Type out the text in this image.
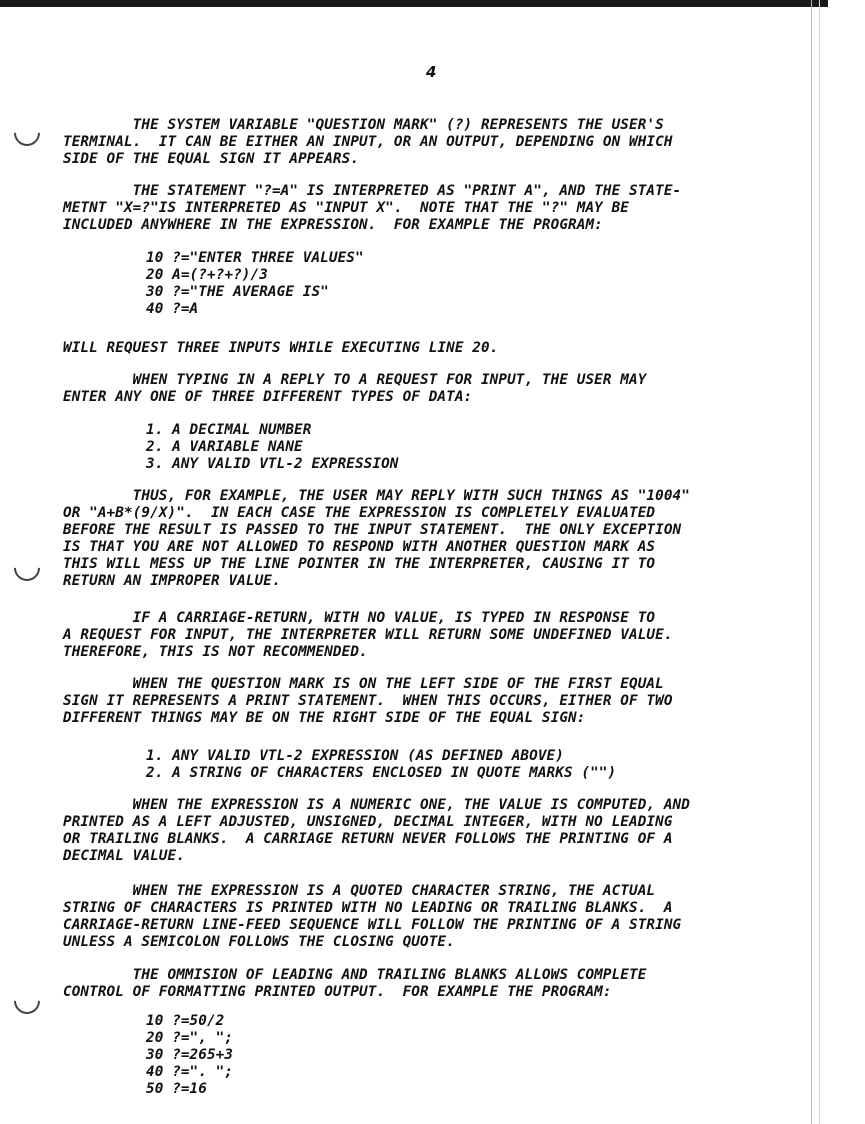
4
THE SYSTEM VARIABLE "QUESTION MARK" (?) REPRESENTS THE USER'S
TERMINAL.  IT CAN BE EITHER AN INPUT, OR AN OUTPUT, DEPENDING ON WHICH
SIDE OF THE EQUAL SIGN IT APPEARS.
THE STATEMENT "?=A" IS INTERPRETED AS "PRINT A", AND THE STATE-
METNT "X=?"IS INTERPRETED AS "INPUT X".  NOTE THAT THE "?" MAY BE
INCLUDED ANYWHERE IN THE EXPRESSION.  FOR EXAMPLE THE PROGRAM:
10 ?="ENTER THREE VALUES"
20 A=(?+?+?)/3
30 ?="THE AVERAGE IS"
40 ?=A
WILL REQUEST THREE INPUTS WHILE EXECUTING LINE 20.
WHEN TYPING IN A REPLY TO A REQUEST FOR INPUT, THE USER MAY
ENTER ANY ONE OF THREE DIFFERENT TYPES OF DATA:
1. A DECIMAL NUMBER
2. A VARIABLE NANE
3. ANY VALID VTL-2 EXPRESSION
THUS, FOR EXAMPLE, THE USER MAY REPLY WITH SUCH THINGS AS "1004"
OR "A+B*(9/X)".  IN EACH CASE THE EXPRESSION IS COMPLETELY EVALUATED
BEFORE THE RESULT IS PASSED TO THE INPUT STATEMENT.  THE ONLY EXCEPTION
IS THAT YOU ARE NOT ALLOWED TO RESPOND WITH ANOTHER QUESTION MARK AS
THIS WILL MESS UP THE LINE POINTER IN THE INTERPRETER, CAUSING IT TO
RETURN AN IMPROPER VALUE.
IF A CARRIAGE-RETURN, WITH NO VALUE, IS TYPED IN RESPONSE TO
A REQUEST FOR INPUT, THE INTERPRETER WILL RETURN SOME UNDEFINED VALUE.
THEREFORE, THIS IS NOT RECOMMENDED.
WHEN THE QUESTION MARK IS ON THE LEFT SIDE OF THE FIRST EQUAL
SIGN IT REPRESENTS A PRINT STATEMENT.  WHEN THIS OCCURS, EITHER OF TWO
DIFFERENT THINGS MAY BE ON THE RIGHT SIDE OF THE EQUAL SIGN:
1. ANY VALID VTL-2 EXPRESSION (AS DEFINED ABOVE)
2. A STRING OF CHARACTERS ENCLOSED IN QUOTE MARKS ("")
WHEN THE EXPRESSION IS A NUMERIC ONE, THE VALUE IS COMPUTED, AND
PRINTED AS A LEFT ADJUSTED, UNSIGNED, DECIMAL INTEGER, WITH NO LEADING
OR TRAILING BLANKS.  A CARRIAGE RETURN NEVER FOLLOWS THE PRINTING OF A
DECIMAL VALUE.
WHEN THE EXPRESSION IS A QUOTED CHARACTER STRING, THE ACTUAL
STRING OF CHARACTERS IS PRINTED WITH NO LEADING OR TRAILING BLANKS.  A
CARRIAGE-RETURN LINE-FEED SEQUENCE WILL FOLLOW THE PRINTING OF A STRING
UNLESS A SEMICOLON FOLLOWS THE CLOSING QUOTE.
THE OMMISION OF LEADING AND TRAILING BLANKS ALLOWS COMPLETE
CONTROL OF FORMATTING PRINTED OUTPUT.  FOR EXAMPLE THE PROGRAM:
10 ?=50/2
20 ?=", ";
30 ?=265+3
40 ?=". ";
50 ?=16
